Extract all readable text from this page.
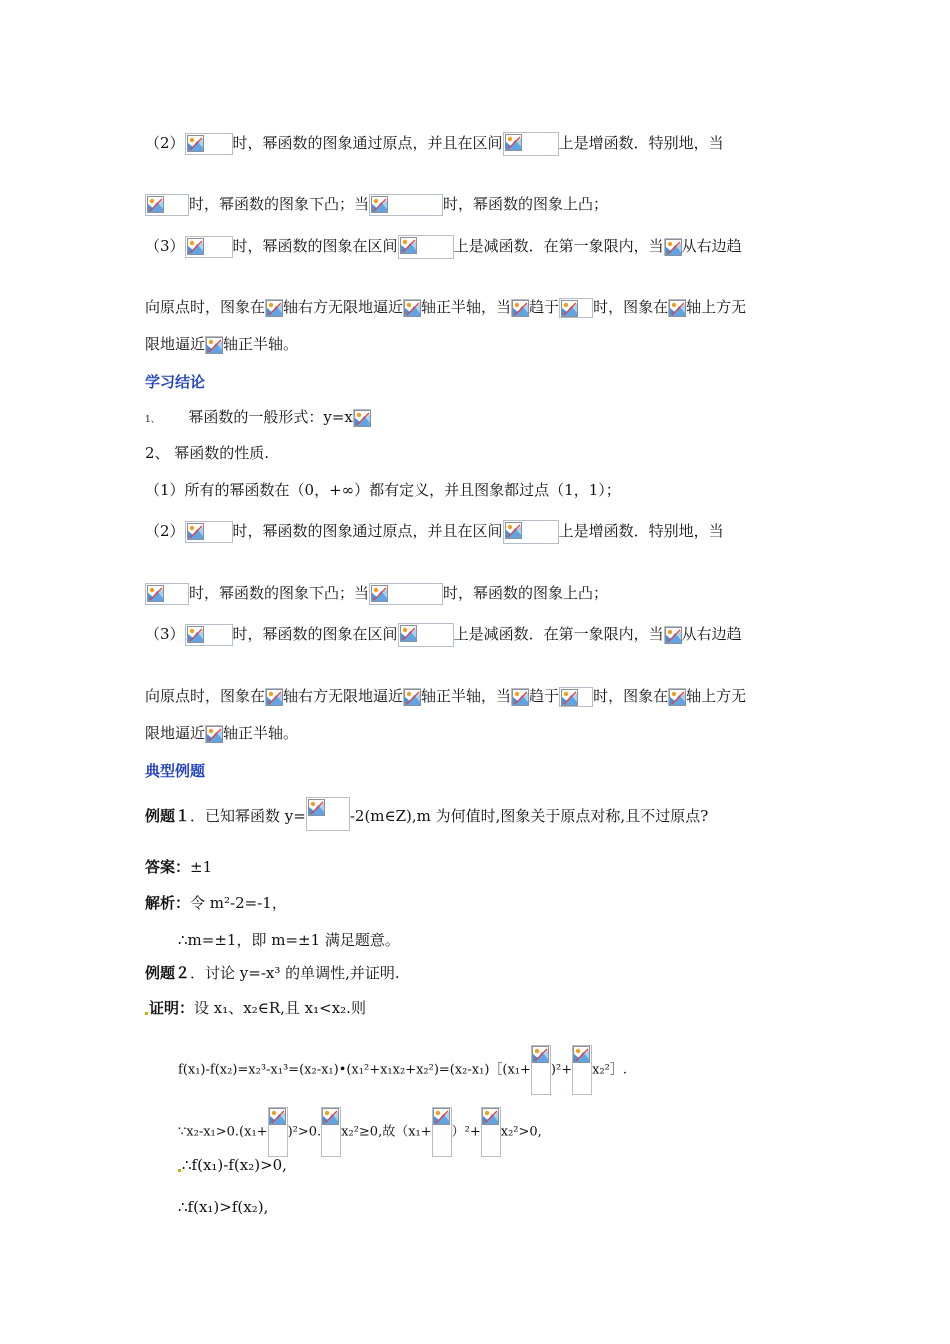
（2）	时，幂函数的图象通过原点，并且在区间	上是增函数．特别地，当
时，幂函数的图象下凸；当	时，幂函数的图象上凸；
（3）	时，幂函数的图象在区间	上是减函数．在第一象限内，当 从右边趋
向原点时，图象在 轴右方无限地逼近 轴正半轴，当 趋于 时，图象在 轴上方无
限地逼近 轴正半轴。
学习结论
1、 幂函数的一般形式：y=x
2、 幂函数的性质.
（1）所有的幂函数在（0，+∞）都有定义，并且图象都过点（1，1）；
（2）	时，幂函数的图象通过原点，并且在区间	上是增函数．特别地，当
时，幂函数的图象下凸；当	时，幂函数的图象上凸；
（3）	时，幂函数的图象在区间	上是减函数．在第一象限内，当 从右边趋
向原点时，图象在 轴右方无限地逼近 轴正半轴，当 趋于 时，图象在 轴上方无
限地逼近 轴正半轴。
典型例题
例题１．已知幂函数 y=	-2(m∈Z),m 为何值时,图象关于原点对称,且不过原点?
答案：±1
解析：令 m²-2=-1，
∴m=±1，即 m=±1 满足题意。
例题２．讨论 y=-x³ 的单调性,并证明.
证明：设 x₁、x₂∈R,且 x₁<x₂.则
f(x₁)-f(x₂)=x₂³-x₁³=(x₂-x₁)•(x₁²+x₁x₂+x₂²)=(x₂-x₁)［(x₁+ )²+ x₂²］.
∵x₂-x₁>0.(x₁+ )²>0. x₂²≥0,故（x₁+ ）²+ x₂²>0,
∴f(x₁)-f(x₂)>0,
∴f(x₁)>f(x₂),
